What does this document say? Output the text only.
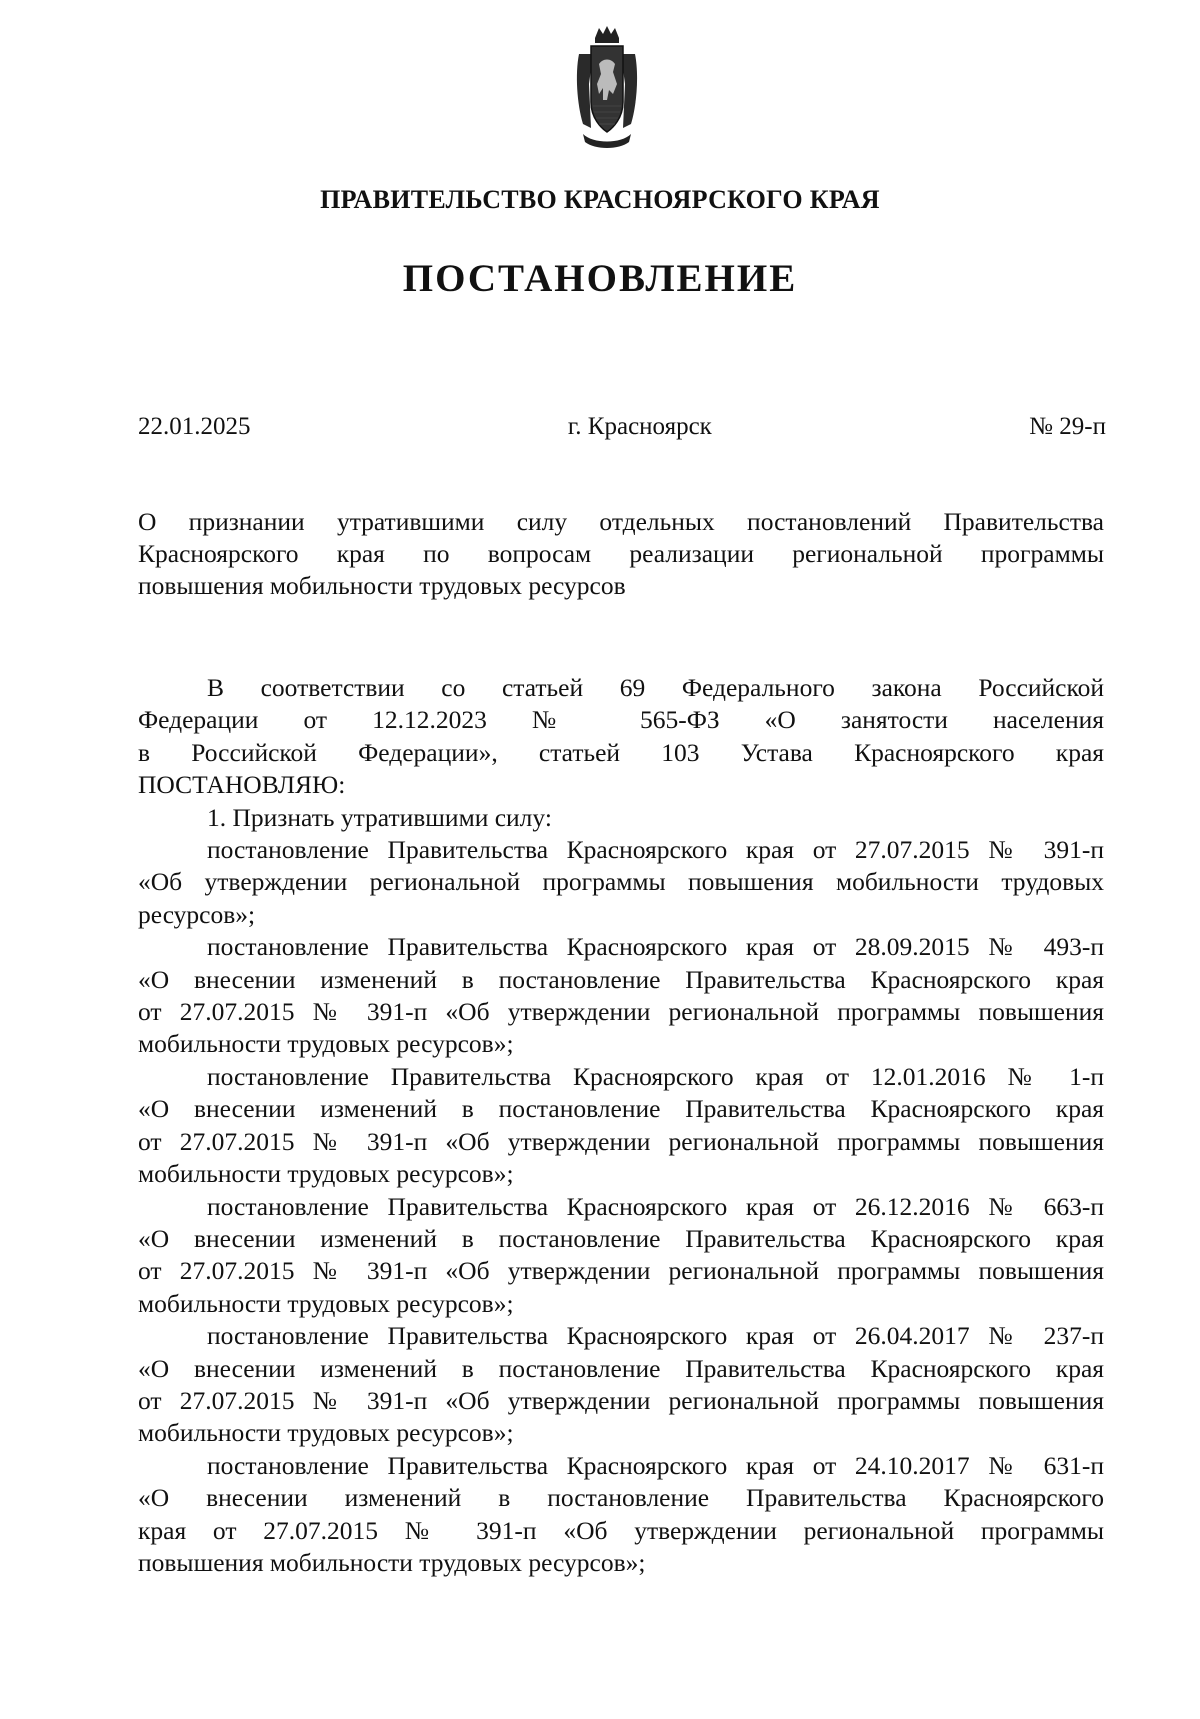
ПРАВИТЕЛЬСТВО КРАСНОЯРСКОГО КРАЯ
ПОСТАНОВЛЕНИЕ
22.01.2025	г. Красноярск	№ 29-п
О признании утратившими силу отдельных постановлений Правительства
Красноярского края по вопросам реализации региональной программы
повышения мобильности трудовых ресурсов
В соответствии со статьей 69 Федерального закона Российской
Федерации от 12.12.2023 № 565-ФЗ «О занятости населения
в Российской Федерации», статьей 103 Устава Красноярского края
ПОСТАНОВЛЯЮ:
1. Признать утратившими силу:
постановление Правительства Красноярского края от 27.07.2015 № 391-п
«Об утверждении региональной программы повышения мобильности трудовых
ресурсов»;
постановление Правительства Красноярского края от 28.09.2015 № 493-п
«О внесении изменений в постановление Правительства Красноярского края
от 27.07.2015 № 391-п «Об утверждении региональной программы повышения
мобильности трудовых ресурсов»;
постановление Правительства Красноярского края от 12.01.2016 № 1-п
«О внесении изменений в постановление Правительства Красноярского края
от 27.07.2015 № 391-п «Об утверждении региональной программы повышения
мобильности трудовых ресурсов»;
постановление Правительства Красноярского края от 26.12.2016 № 663-п
«О внесении изменений в постановление Правительства Красноярского края
от 27.07.2015 № 391-п «Об утверждении региональной программы повышения
мобильности трудовых ресурсов»;
постановление Правительства Красноярского края от 26.04.2017 № 237-п
«О внесении изменений в постановление Правительства Красноярского края
от 27.07.2015 № 391-п «Об утверждении региональной программы повышения
мобильности трудовых ресурсов»;
постановление Правительства Красноярского края от 24.10.2017 № 631-п
«О внесении изменений в постановление Правительства Красноярского
края от 27.07.2015 № 391-п «Об утверждении региональной программы
повышения мобильности трудовых ресурсов»;
